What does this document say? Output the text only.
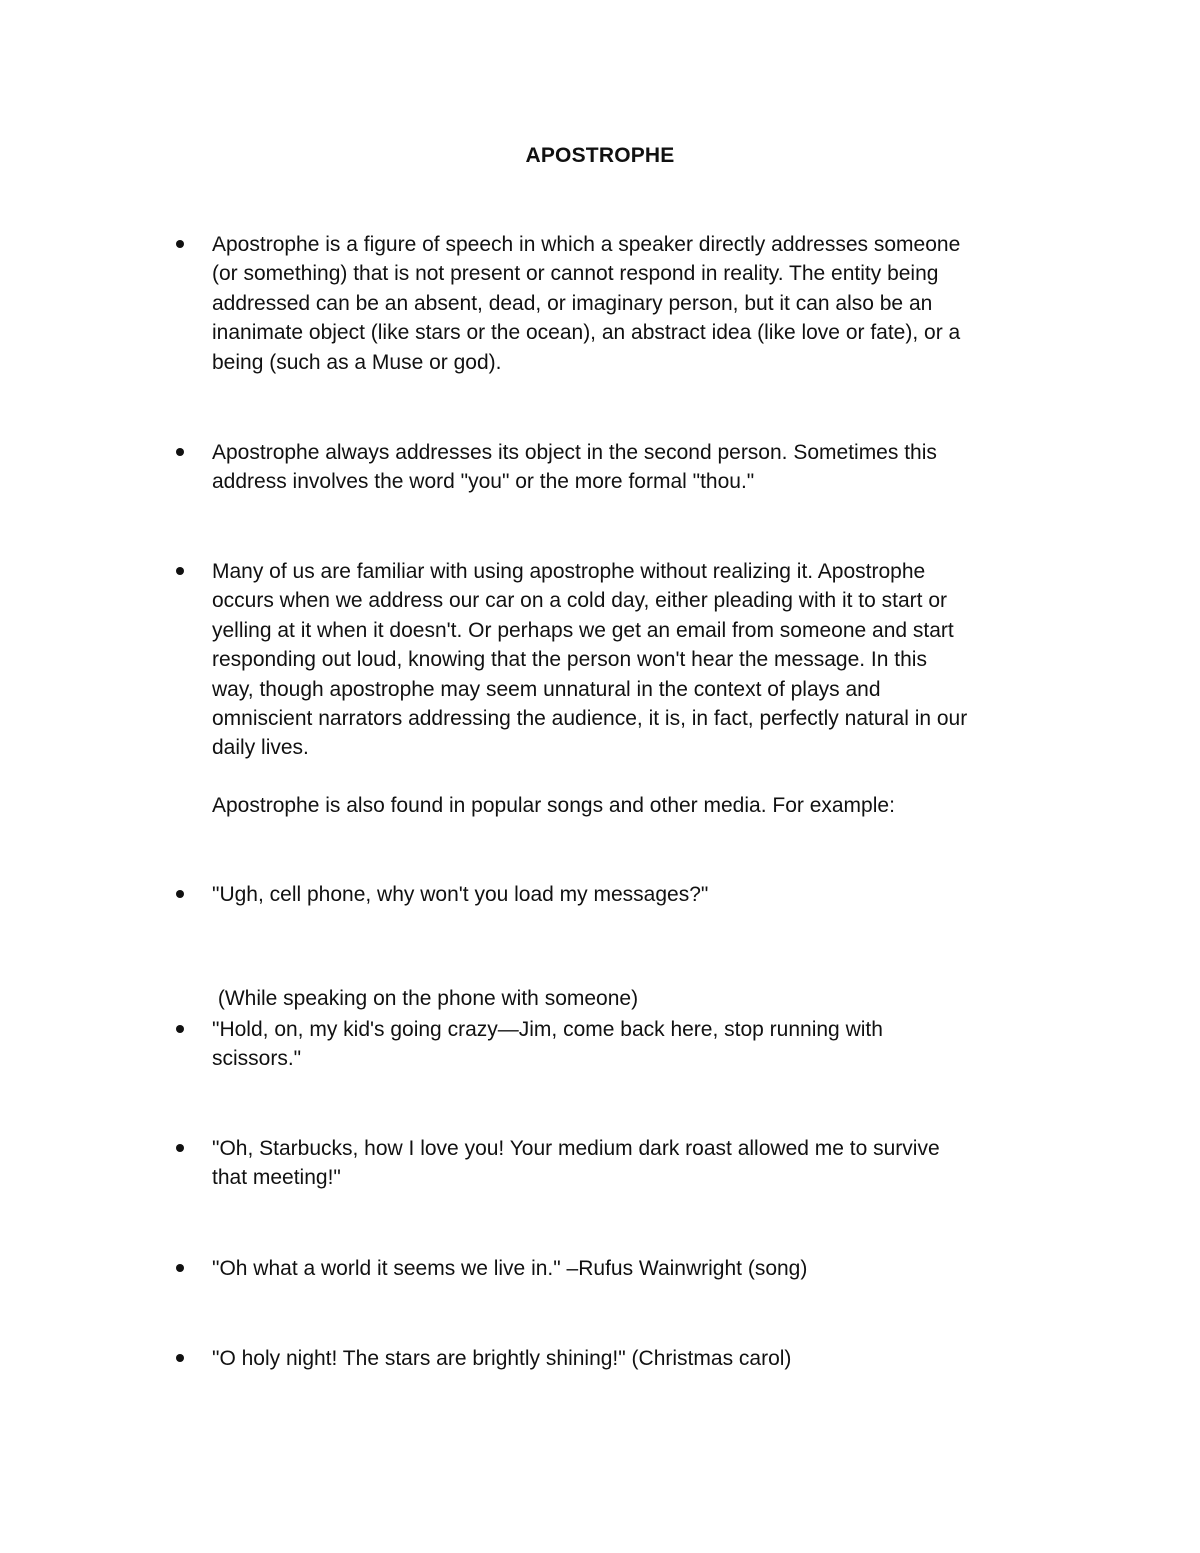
APOSTROPHE
Apostrophe is a figure of speech in which a speaker directly addresses someone
(or something) that is not present or cannot respond in reality. The entity being
addressed can be an absent, dead, or imaginary person, but it can also be an
inanimate object (like stars or the ocean), an abstract idea (like love or fate), or a
being (such as a Muse or god).
Apostrophe always addresses its object in the second person. Sometimes this
address involves the word "you" or the more formal "thou."
Many of us are familiar with using apostrophe without realizing it. Apostrophe
occurs when we address our car on a cold day, either pleading with it to start or
yelling at it when it doesn't. Or perhaps we get an email from someone and start
responding out loud, knowing that the person won't hear the message. In this
way, though apostrophe may seem unnatural in the context of plays and
omniscient narrators addressing the audience, it is, in fact, perfectly natural in our
daily lives.
Apostrophe is also found in popular songs and other media. For example:
"Ugh, cell phone, why won't you load my messages?"

(While speaking on the phone with someone)

"Hold, on, my kid's going crazy—Jim, come back here, stop running with
scissors."
"Oh, Starbucks, how I love you! Your medium dark roast allowed me to survive
that meeting!"
"Oh what a world it seems we live in." –Rufus Wainwright (song)
"O holy night! The stars are brightly shining!" (Christmas carol)
